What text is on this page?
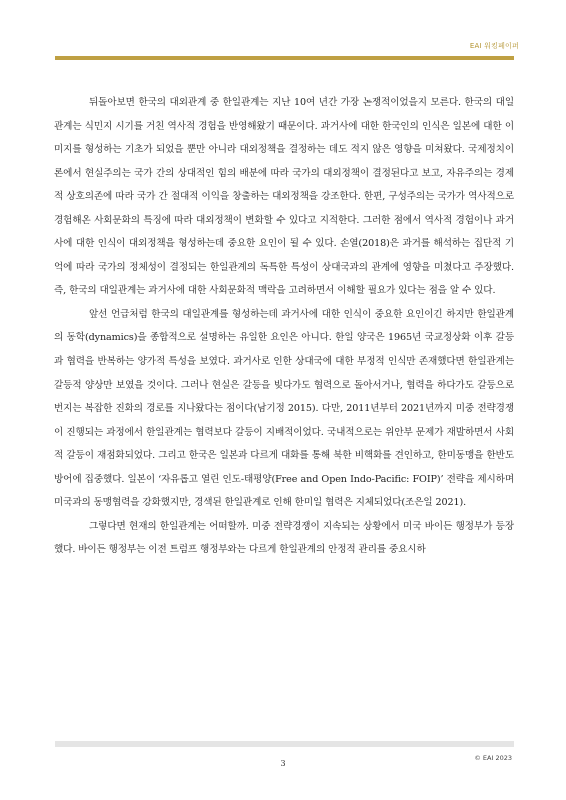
EAI 워킹페이퍼

뒤돌아보면 한국의 대외관계 중 한일관계는 지난 10여 년간 가장 논쟁적이었을지 모른다. 한국의 대일관계는 식민지 시기를 거친 역사적 경험을 반영해왔기 때문이다. 과거사에 대한 한국인의 인식은 일본에 대한 이미지를 형성하는 기초가 되었을 뿐만 아니라 대외정책을 결정하는 데도 적지 않은 영향을 미쳐왔다. 국제정치이론에서 현실주의는 국가 간의 상대적인 힘의 배분에 따라 국가의 대외정책이 결정된다고 보고, 자유주의는 경제적 상호의존에 따라 국가 간 절대적 이익을 창출하는 대외정책을 강조한다. 한편, 구성주의는 국가가 역사적으로 경험해온 사회문화의 특징에 따라 대외정책이 변화할 수 있다고 지적한다. 그러한 점에서 역사적 경험이나 과거사에 대한 인식이 대외정책을 형성하는데 중요한 요인이 될 수 있다. 손열(2018)은 과거를 해석하는 집단적 기억에 따라 국가의 정체성이 결정되는 한일관계의 독특한 특성이 상대국과의 관계에 영향을 미쳤다고 주장했다. 즉, 한국의 대일관계는 과거사에 대한 사회문화적 맥락을 고려하면서 이해할 필요가 있다는 점을 알 수 있다.

앞선 언급처럼 한국의 대일관계를 형성하는데 과거사에 대한 인식이 중요한 요인이긴 하지만 한일관계의 동학(dynamics)을 종합적으로 설명하는 유일한 요인은 아니다. 한일 양국은 1965년 국교정상화 이후 갈등과 협력을 반복하는 양가적 특성을 보였다. 과거사로 인한 상대국에 대한 부정적 인식만 존재했다면 한일관계는 갈등적 양상만 보였을 것이다. 그러나 현실은 갈등을 빚다가도 협력으로 돌아서거나, 협력을 하다가도 갈등으로 번지는 복잡한 진화의 경로를 지나왔다는 점이다(남기정 2015). 다만, 2011년부터 2021년까지 미중 전략경쟁이 진행되는 과정에서 한일관계는 협력보다 갈등이 지배적이었다. 국내적으로는 위안부 문제가 재발하면서 사회적 갈등이 재점화되었다. 그리고 한국은 일본과 다르게 대화를 통해 북한 비핵화를 견인하고, 한미동맹을 한반도 방어에 집중했다. 일본이 ‘자유롭고 열린 인도-태평양(Free and Open Indo-Pacific: FOIP)’ 전략을 제시하며 미국과의 동맹협력을 강화했지만, 경색된 한일관계로 인해 한미일 협력은 지체되었다(조은일 2021).

그렇다면 현재의 한일관계는 어떠할까. 미중 전략경쟁이 지속되는 상황에서 미국 바이든 행정부가 등장했다. 바이든 행정부는 이전 트럼프 행정부와는 다르게 한일관계의 안정적 관리를 중요시하

3
© EAI 2023
